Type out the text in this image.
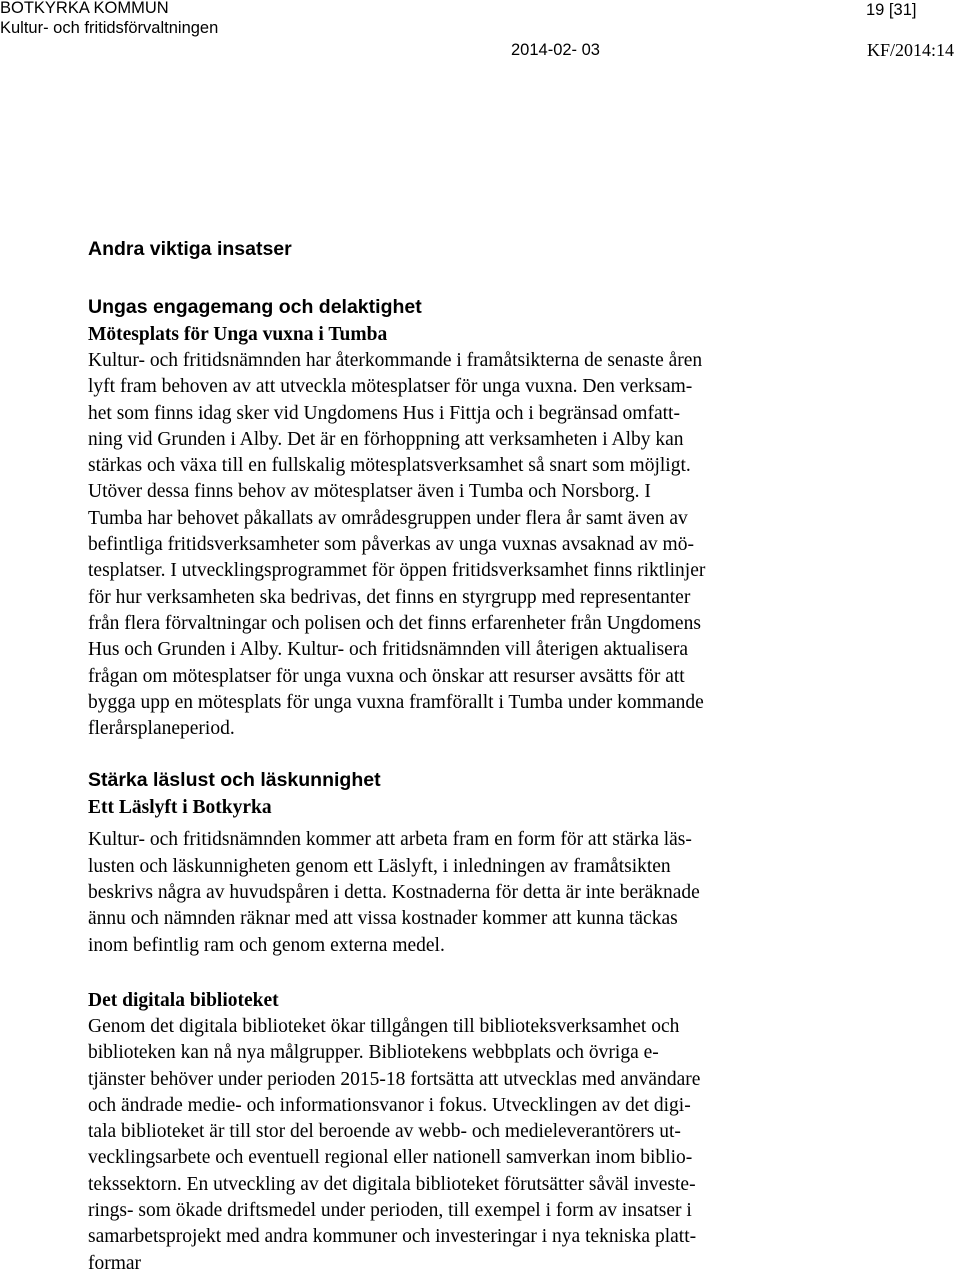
BOTKYRKA KOMMUN
Kultur- och fritidsförvaltningen
19 [31]
2014-02- 03	KF/2014:14
Andra viktiga insatser
Ungas engagemang och delaktighet
Mötesplats för Unga vuxna i Tumba
Kultur- och fritidsnämnden har återkommande i framåtsikterna de senaste åren
lyft fram behoven av att utveckla mötesplatser för unga vuxna. Den verksam-
het som finns idag sker vid Ungdomens Hus i Fittja och i begränsad omfatt-
ning vid Grunden i Alby. Det är en förhoppning att verksamheten i Alby kan
stärkas och växa till en fullskalig mötesplatsverksamhet så snart som möjligt.
Utöver dessa finns behov av mötesplatser även i Tumba och Norsborg. I
Tumba har behovet påkallats av områdesgruppen under flera år samt även av
befintliga fritidsverksamheter som påverkas av unga vuxnas avsaknad av mö-
tesplatser. I utvecklingsprogrammet för öppen fritidsverksamhet finns riktlinjer
för hur verksamheten ska bedrivas, det finns en styrgrupp med representanter
från flera förvaltningar och polisen och det finns erfarenheter från Ungdomens
Hus och Grunden i Alby. Kultur- och fritidsnämnden vill återigen aktualisera
frågan om mötesplatser för unga vuxna och önskar att resurser avsätts för att
bygga upp en mötesplats för unga vuxna framförallt i Tumba under kommande
flerårsplaneperiod.
Stärka läslust och läskunnighet
Ett Läslyft i Botkyrka
Kultur- och fritidsnämnden kommer att arbeta fram en form för att stärka läs-
lusten och läskunnigheten genom ett Läslyft, i inledningen av framåtsikten
beskrivs några av huvudspåren i detta. Kostnaderna för detta är inte beräknade
ännu och nämnden räknar med att vissa kostnader kommer att kunna täckas
inom befintlig ram och genom externa medel.
Det digitala biblioteket
Genom det digitala biblioteket ökar tillgången till biblioteksverksamhet och
biblioteken kan nå nya målgrupper. Bibliotekens webbplats och övriga e-
tjänster behöver under perioden 2015-18 fortsätta att utvecklas med användare
och ändrade medie- och informationsvanor i fokus. Utvecklingen av det digi-
tala biblioteket är till stor del beroende av webb- och medieleverantörers ut-
vecklingsarbete och eventuell regional eller nationell samverkan inom biblio-
tekssektorn. En utveckling av det digitala biblioteket förutsätter såväl investe-
rings- som ökade driftsmedel under perioden, till exempel i form av insatser i
samarbetsprojekt med andra kommuner och investeringar i nya tekniska platt-
formar
